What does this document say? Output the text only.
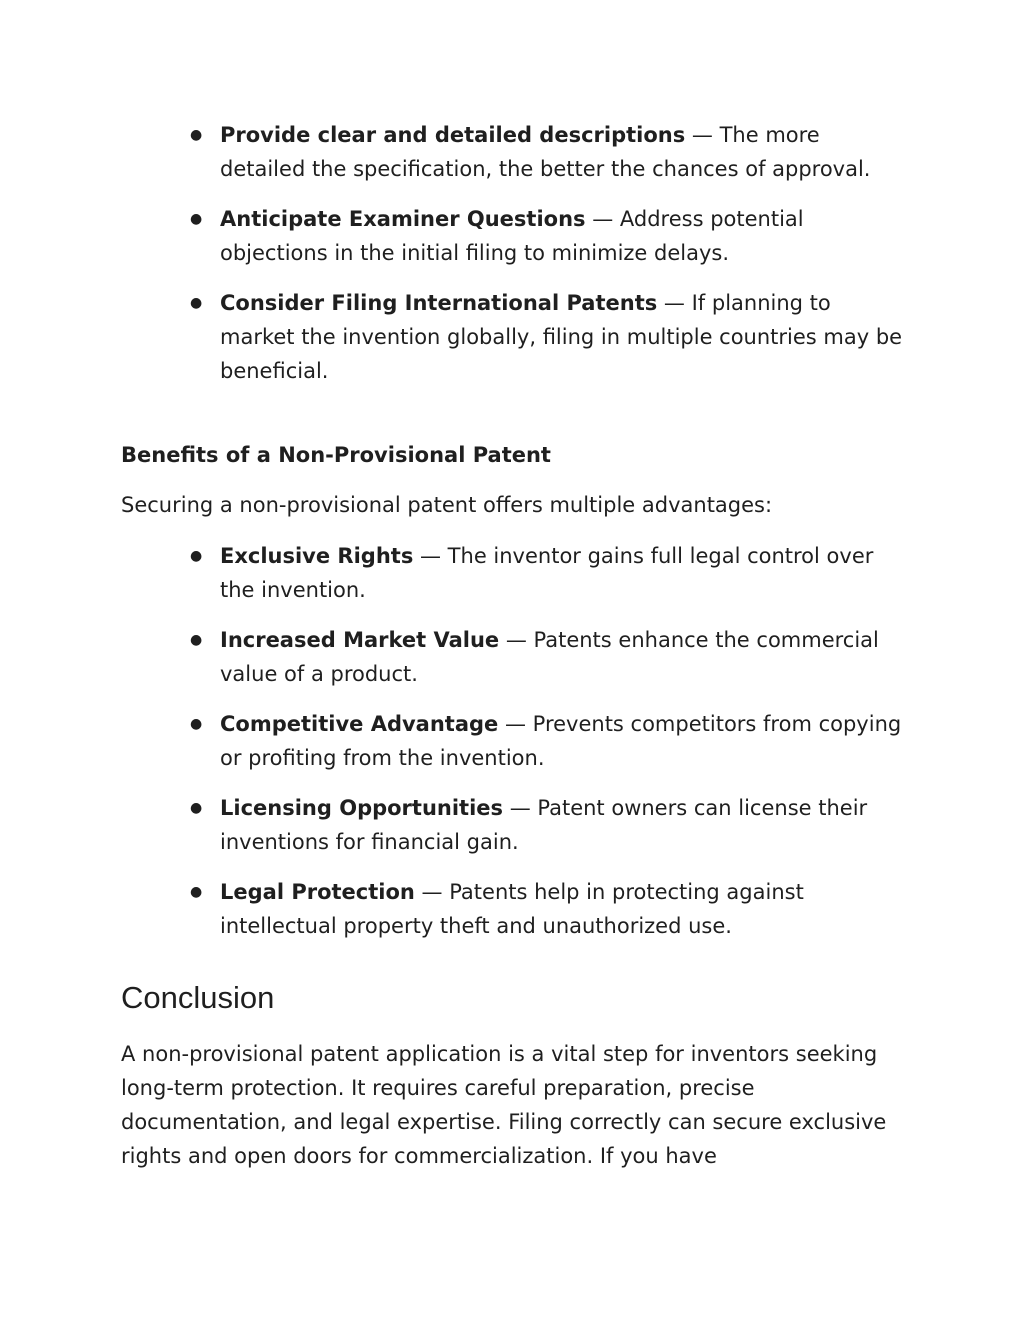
● Provide clear and detailed descriptions — The more detailed the specification, the better the chances of approval.
● Anticipate Examiner Questions — Address potential objections in the initial filing to minimize delays.
● Consider Filing International Patents — If planning to market the invention globally, filing in multiple countries may be beneficial.
Benefits of a Non-Provisional Patent

Securing a non-provisional patent offers multiple advantages:

● Exclusive Rights — The inventor gains full legal control over the invention.
● Increased Market Value — Patents enhance the commercial value of a product.
● Competitive Advantage — Prevents competitors from copying or profiting from the invention.
● Licensing Opportunities — Patent owners can license their inventions for financial gain.
● Legal Protection — Patents help in protecting against intellectual property theft and unauthorized use.
Conclusion

A non-provisional patent application is a vital step for inventors seeking long-term protection. It requires careful preparation, precise documentation, and legal expertise. Filing correctly can secure exclusive rights and open doors for commercialization. If you have
